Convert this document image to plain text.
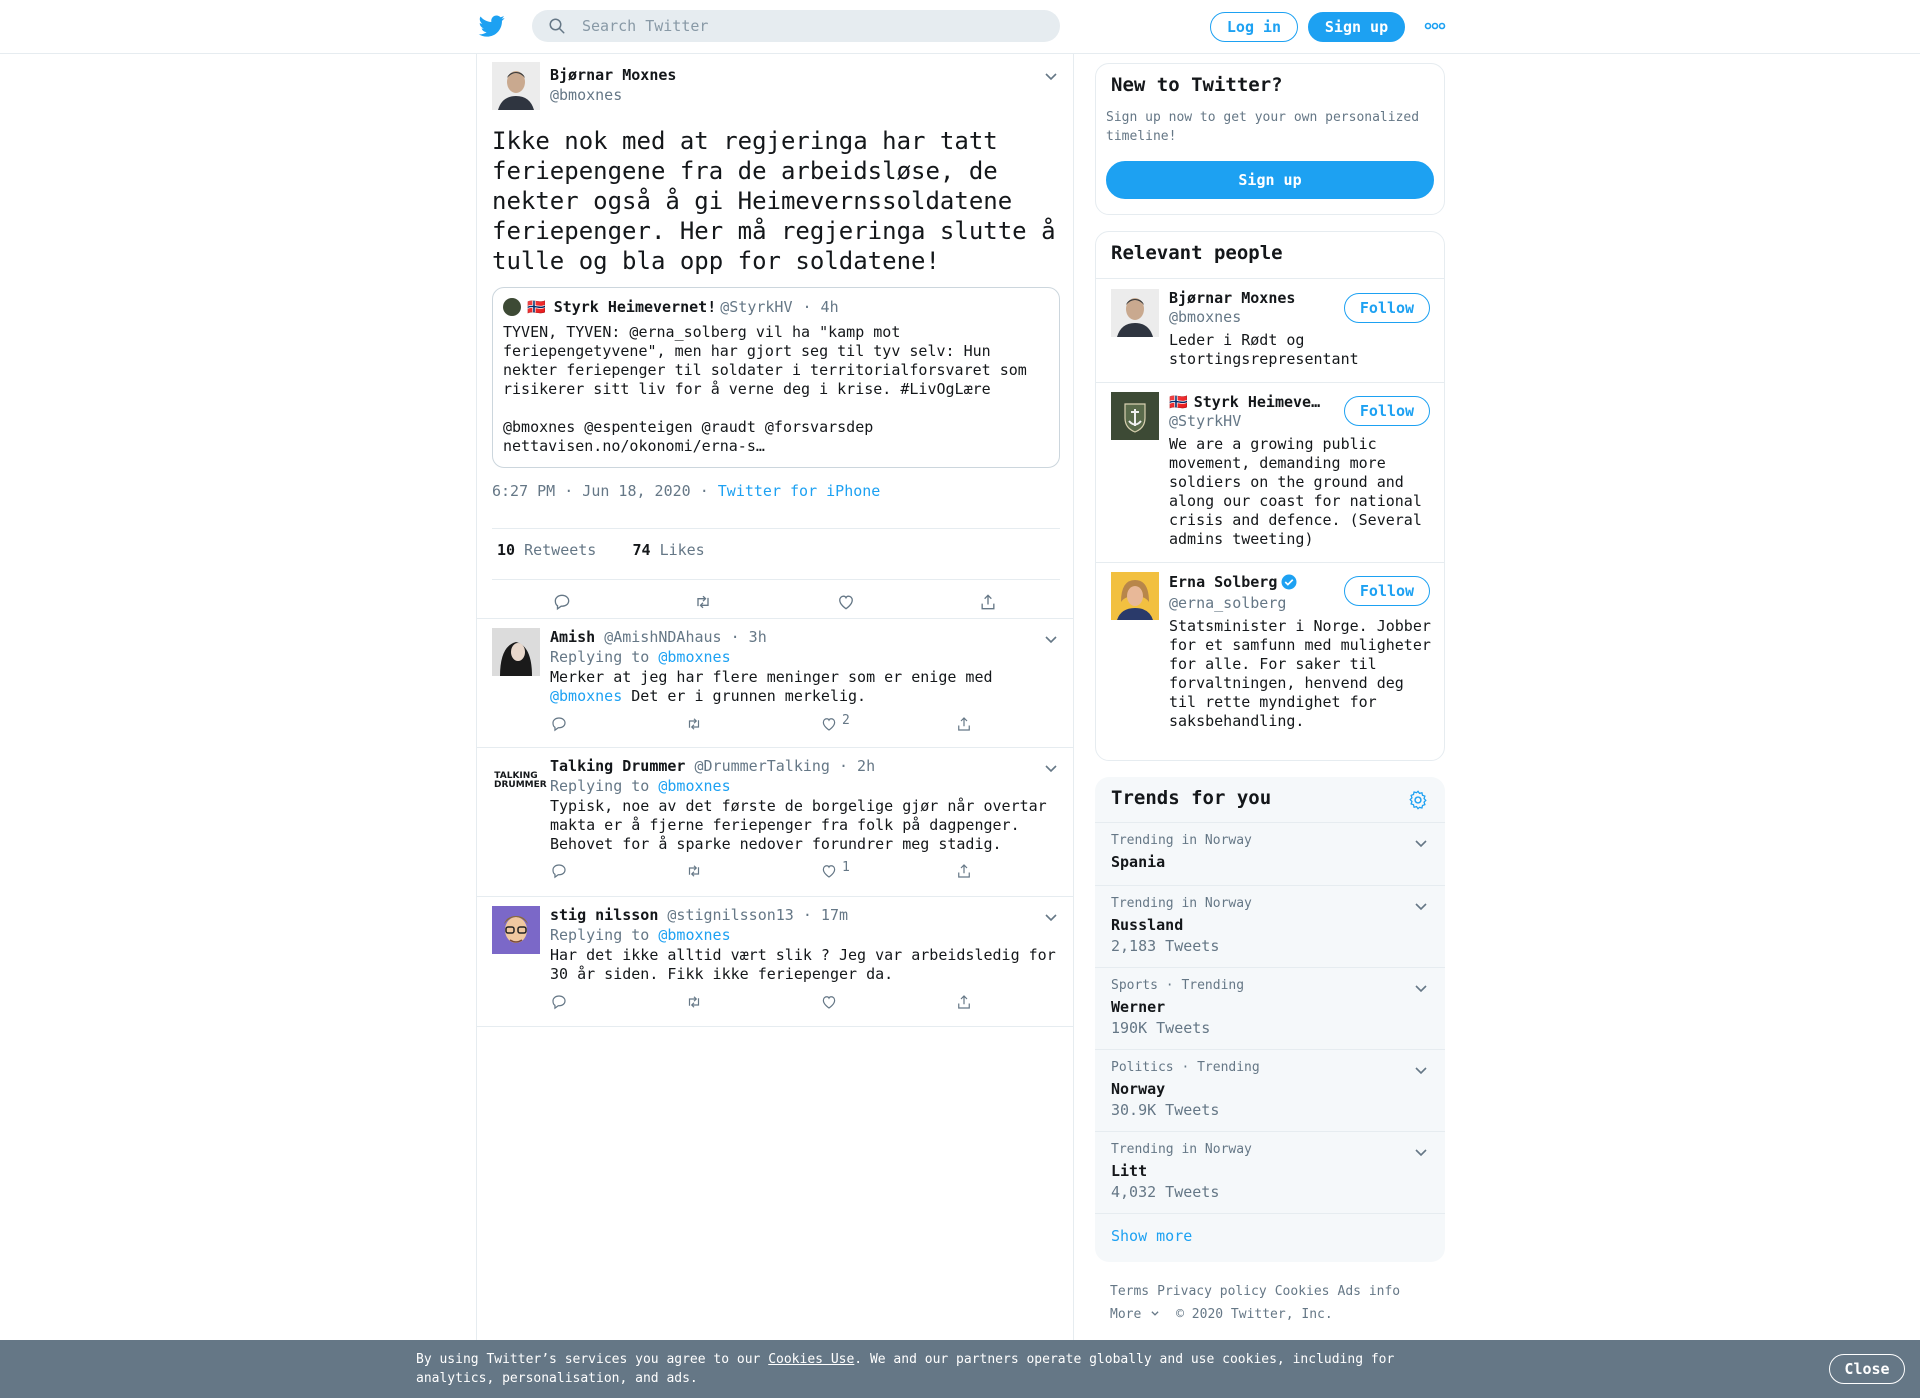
Search Twitter
Log in	Sign up
Bjørnar Moxnes
@bmoxnes
Ikke nok med at regjeringa har tatt feriepengene fra de arbeidsløse, de nekter også å gi Heimevernssoldatene feriepenger. Her må regjeringa slutte å tulle og bla opp for soldatene!
🇳🇴 Styrk Heimevernet! @StyrkHV · 4h
TYVEN, TYVEN: @erna_solberg vil ha "kamp mot feriepengetyvene", men har gjort seg til tyv selv: Hun nekter feriepenger til soldater i territorialforsvaret som risikerer sitt liv for å verne deg i krise. #LivOgLære

@bmoxnes @espenteigen @raudt @forsvarsdep nettavisen.no/okonomi/erna-s…
6:27 PM · Jun 18, 2020 · Twitter for iPhone
10 Retweets 74 Likes
Amish @AmishNDAhaus · 3h
Replying to @bmoxnes
Merker at jeg har flere meninger som er enige med @bmoxnes Det er i grunnen merkelig.
2
TALKING DRUMMER
Talking Drummer @DrummerTalking · 2h
Replying to @bmoxnes
Typisk, noe av det første de borgelige gjør når overtar makta er å fjerne feriepenger fra folk på dagpenger. Behovet for å sparke nedover forundrer meg stadig.
1
stig nilsson @stignilsson13 · 17m
Replying to @bmoxnes
Har det ikke alltid vært slik ? Jeg var arbeidsledig for 30 år siden. Fikk ikke feriepenger da.
New to Twitter?
Sign up now to get your own personalized timeline!
Sign up
Relevant people
Bjørnar Moxnes
@bmoxnes	Follow
Leder i Rødt og stortingsrepresentant
🇳🇴 Styrk Heimeve…
@StyrkHV
Follow
We are a growing public movement, demanding more soldiers on the ground and along our coast for national crisis and defence. (Several admins tweeting)
Erna Solberg
@erna_solberg
Follow
Statsminister i Norge. Jobber for et samfunn med muligheter for alle. For saker til forvaltningen, henvend deg til rette myndighet for saksbehandling.
Trends for you
Trending in Norway
Spania
Trending in Norway
Russland
2,183 Tweets
Sports · Trending
Werner
190K Tweets
Politics · Trending
Norway
30.9K Tweets
Trending in Norway
Litt
4,032 Tweets
Show more
Terms Privacy policy Cookies Ads info
More	© 2020 Twitter, Inc.
By using Twitter’s services you agree to our Cookies Use. We and our partners operate globally and use cookies, including for analytics, personalisation, and ads.
Close
